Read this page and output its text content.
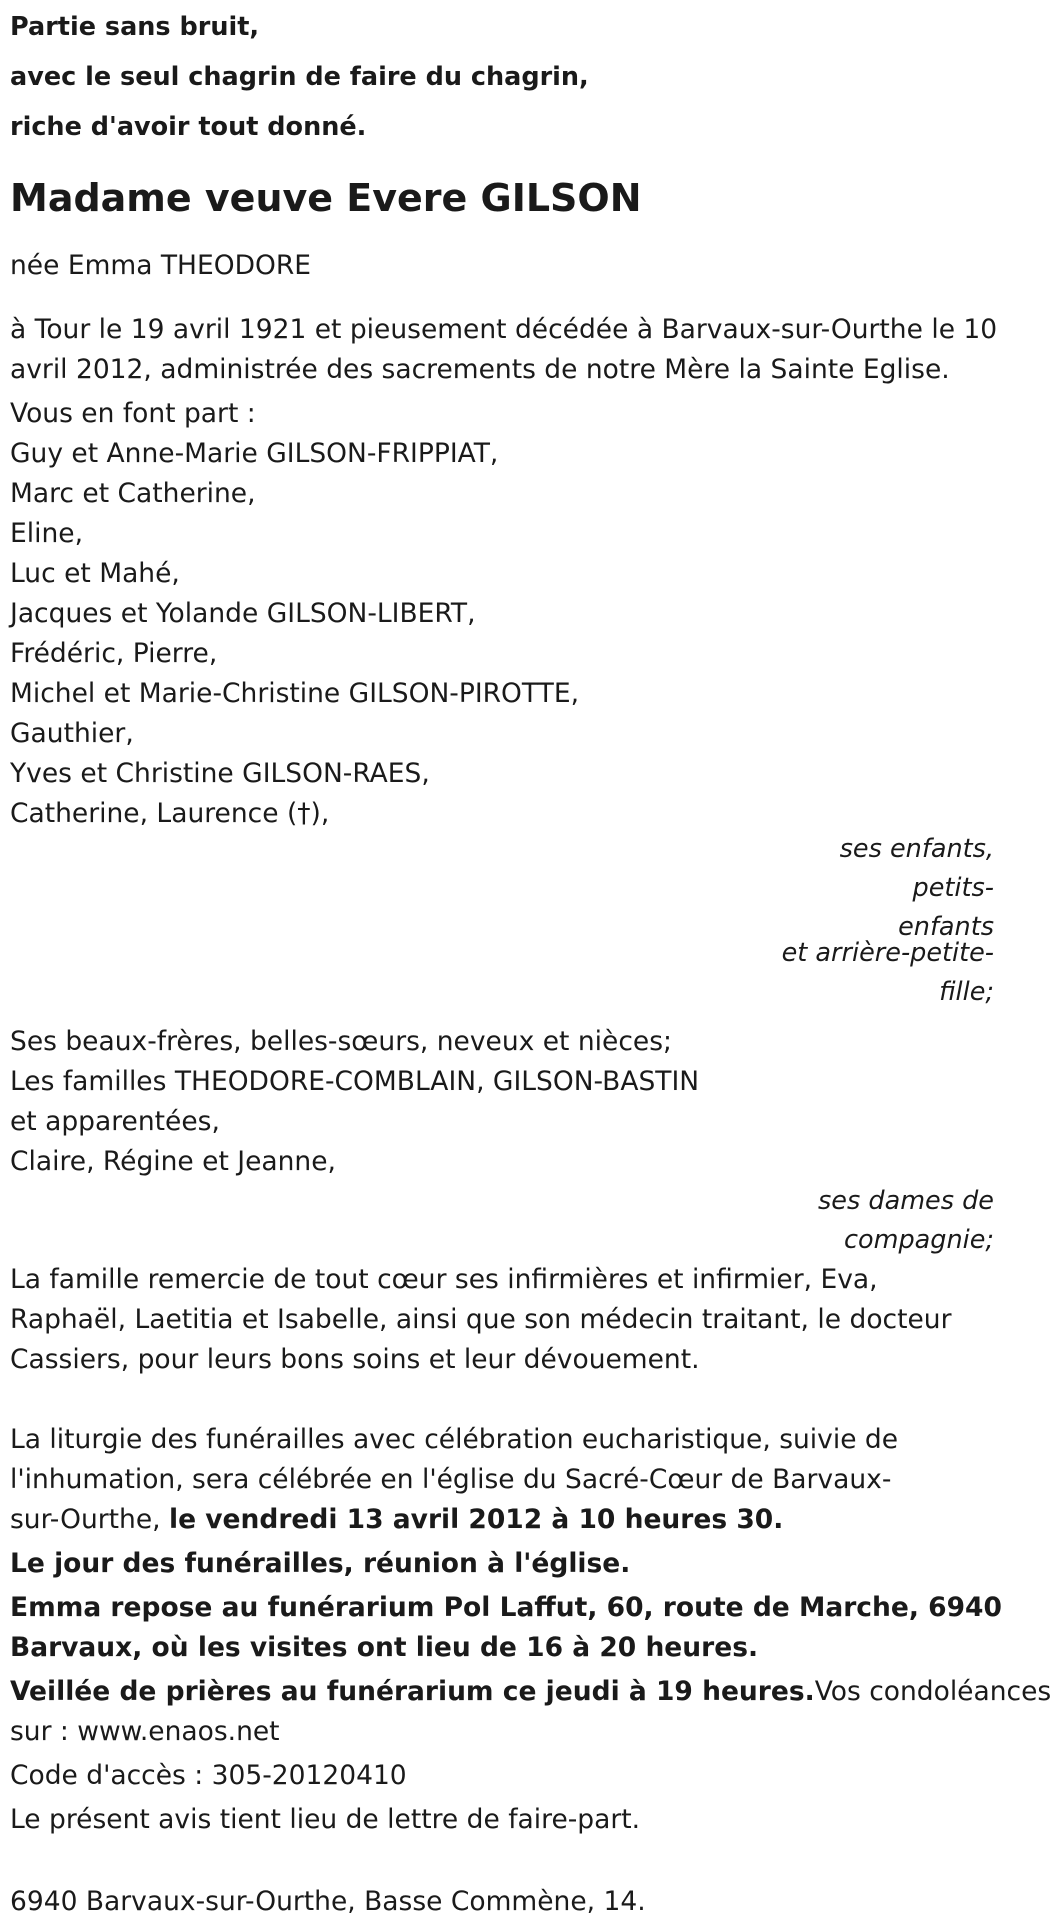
Partie sans bruit,
avec le seul chagrin de faire du chagrin,
riche d'avoir tout donné.
Madame veuve Evere GILSON
née Emma THEODORE
à Tour le 19 avril 1921 et pieusement décédée à Barvaux-sur-Ourthe le 10
avril 2012, administrée des sacrements de notre Mère la Sainte Eglise.
Vous en font part :
Guy et Anne-Marie GILSON-FRIPPIAT,
Marc et Catherine,
Eline,
Luc et Mahé,
Jacques et Yolande GILSON-LIBERT,
Frédéric, Pierre,
Michel et Marie-Christine GILSON-PIROTTE,
Gauthier,
Yves et Christine GILSON-RAES,
Catherine, Laurence (†),
ses enfants, petits-
enfants
et arrière-petite-
fille;
Ses beaux-frères, belles-sœurs, neveux et nièces;
Les familles THEODORE-COMBLAIN, GILSON-BASTIN
et apparentées,
Claire, Régine et Jeanne,
ses dames de
compagnie;
La famille remercie de tout cœur ses infirmières et infirmier, Eva,
Raphaël, Laetitia et Isabelle, ainsi que son médecin traitant, le docteur
Cassiers, pour leurs bons soins et leur dévouement.
La liturgie des funérailles avec célébration eucharistique, suivie de
l'inhumation, sera célébrée en l'église du Sacré-Cœur de Barvaux-
sur-Ourthe, le vendredi 13 avril 2012 à 10 heures 30.
Le jour des funérailles, réunion à l'église.
Emma repose au funérarium Pol Laffut, 60, route de Marche, 6940
Barvaux, où les visites ont lieu de 16 à 20 heures.
Veillée de prières au funérarium ce jeudi à 19 heures.Vos condoléances
sur : www.enaos.net
Code d'accès : 305-20120410
Le présent avis tient lieu de lettre de faire-part.
6940 Barvaux-sur-Ourthe, Basse Commène, 14.
